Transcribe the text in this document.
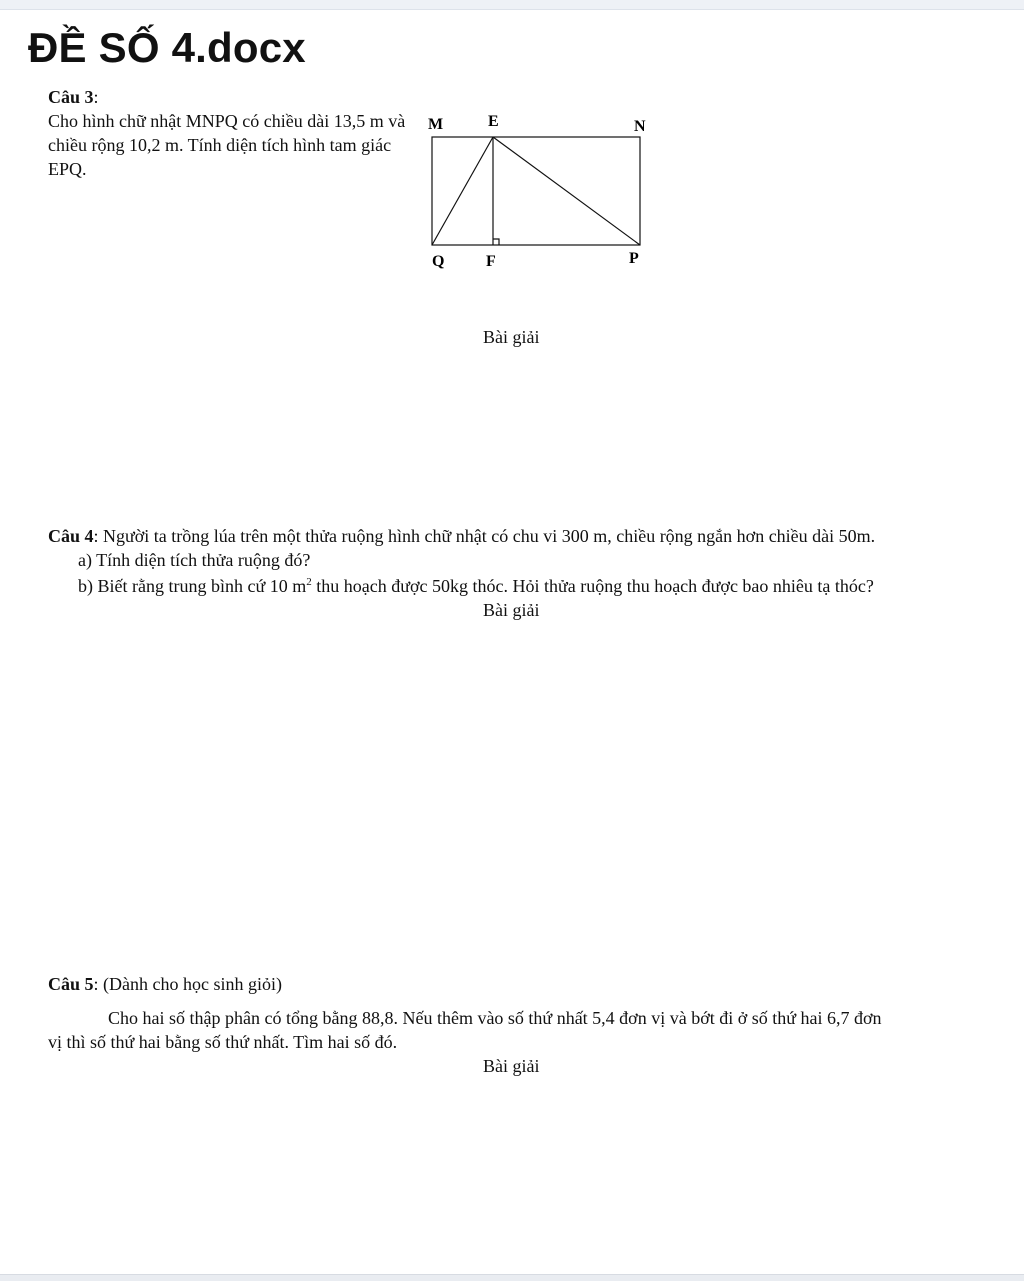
ĐỀ SỐ 4.docx
Câu 3:
Cho hình chữ nhật MNPQ có chiều dài 13,5 m và chiều rộng 10,2 m. Tính diện tích hình tam giác EPQ.
M	E	N
Q	F	P
Bài giải
Câu 4: Người ta trồng lúa trên một thửa ruộng hình chữ nhật có chu vi 300 m, chiều rộng ngắn hơn chiều dài 50m.
a) Tính diện tích thửa ruộng đó?
b) Biết rằng trung bình cứ 10 $m^2$ thu hoạch được 50kg thóc. Hỏi thửa ruộng thu hoạch được bao nhiêu tạ thóc?
Bài giải
Câu 5: (Dành cho học sinh giỏi)
Cho hai số thập phân có tổng bằng 88,8. Nếu thêm vào số thứ nhất 5,4 đơn vị và bớt đi ở số thứ hai 6,7 đơn
vị thì số thứ hai bằng số thứ nhất. Tìm hai số đó.
Bài giải
